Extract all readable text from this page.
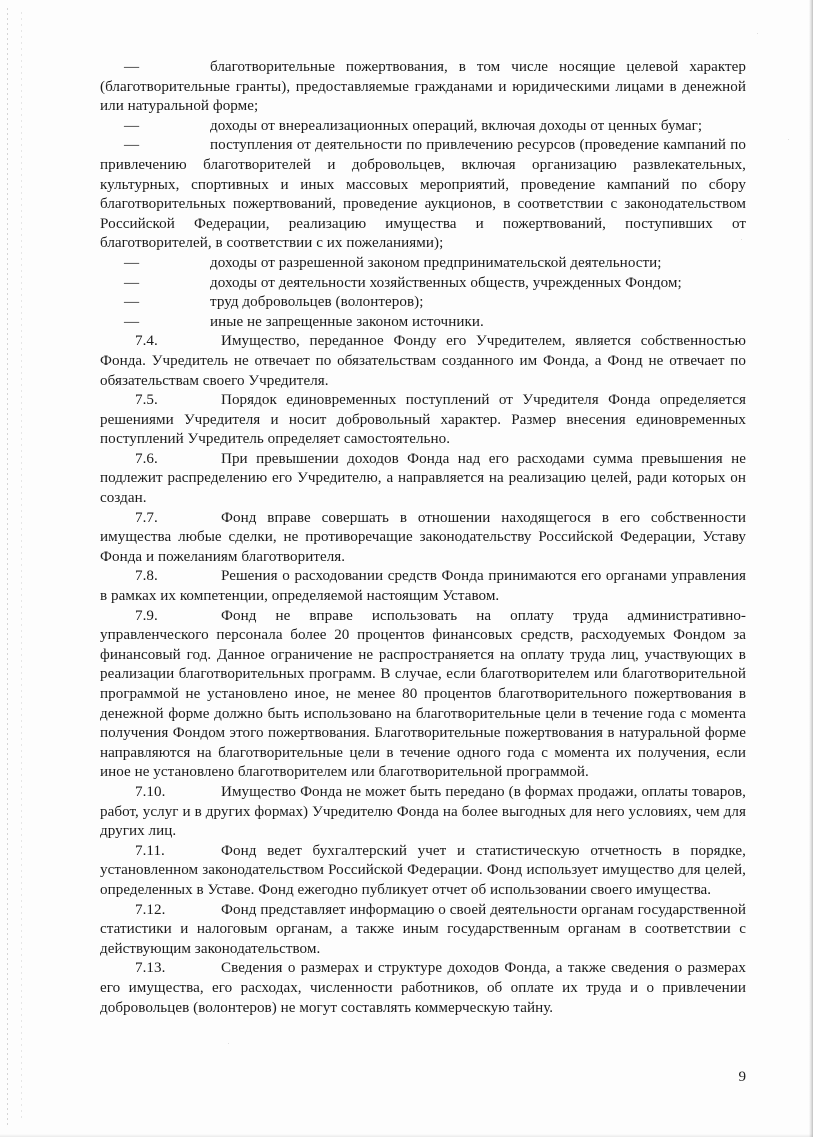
—	благотворительные пожертвования, в том числе носящие целевой характер (благотворительные гранты), предоставляемые гражданами и юридическими лицами в денежной или натуральной форме;

—	доходы от внереализационных операций, включая доходы от ценных бумаг;

—	поступления от деятельности по привлечению ресурсов (проведение кампаний по привлечению благотворителей и добровольцев, включая организацию развлекательных, культурных, спортивных и иных массовых мероприятий, проведение кампаний по сбору благотворительных пожертвований, проведение аукционов, в соответствии с законодательством Российской Федерации, реализацию имущества и пожертвований, поступивших от благотворителей, в соответствии с их пожеланиями);

—	доходы от разрешенной законом предпринимательской деятельности;

—	доходы от деятельности хозяйственных обществ, учрежденных Фондом;

—	труд добровольцев (волонтеров);

—	иные не запрещенные законом источники.

7.4.	Имущество, переданное Фонду его Учредителем, является собственностью Фонда. Учредитель не отвечает по обязательствам созданного им Фонда, а Фонд не отвечает по обязательствам своего Учредителя.

7.5.	Порядок единовременных поступлений от Учредителя Фонда определяется решениями Учредителя и носит добровольный характер. Размер внесения единовременных поступлений Учредитель определяет самостоятельно.

7.6.	При превышении доходов Фонда над его расходами сумма превышения не подлежит распределению его Учредителю, а направляется на реализацию целей, ради которых он создан.

7.7.	Фонд вправе совершать в отношении находящегося в его собственности имущества любые сделки, не противоречащие законодательству Российской Федерации, Уставу Фонда и пожеланиям благотворителя.

7.8.	Решения о расходовании средств Фонда принимаются его органами управления в рамках их компетенции, определяемой настоящим Уставом.

7.9.	Фонд не вправе использовать на оплату труда административно-управленческого персонала более 20 процентов финансовых средств, расходуемых Фондом за финансовый год. Данное ограничение не распространяется на оплату труда лиц, участвующих в реализации благотворительных программ. В случае, если благотворителем или благотворительной программой не установлено иное, не менее 80 процентов благотворительного пожертвования в денежной форме должно быть использовано на благотворительные цели в течение года с момента получения Фондом этого пожертвования. Благотворительные пожертвования в натуральной форме направляются на благотворительные цели в течение одного года с момента их получения, если иное не установлено благотворителем или благотворительной программой.

7.10.	Имущество Фонда не может быть передано (в формах продажи, оплаты товаров, работ, услуг и в других формах) Учредителю Фонда на более выгодных для него условиях, чем для других лиц.

7.11.	Фонд ведет бухгалтерский учет и статистическую отчетность в порядке, установленном законодательством Российской Федерации. Фонд использует имущество для целей, определенных в Уставе. Фонд ежегодно публикует отчет об использовании своего имущества.

7.12.	Фонд представляет информацию о своей деятельности органам государственной статистики и налоговым органам, а также иным государственным органам в соответствии с действующим законодательством.

7.13.	Сведения о размерах и структуре доходов Фонда, а также сведения о размерах его имущества, его расходах, численности работников, об оплате их труда и о привлечении добровольцев (волонтеров) не могут составлять коммерческую тайну.

9
